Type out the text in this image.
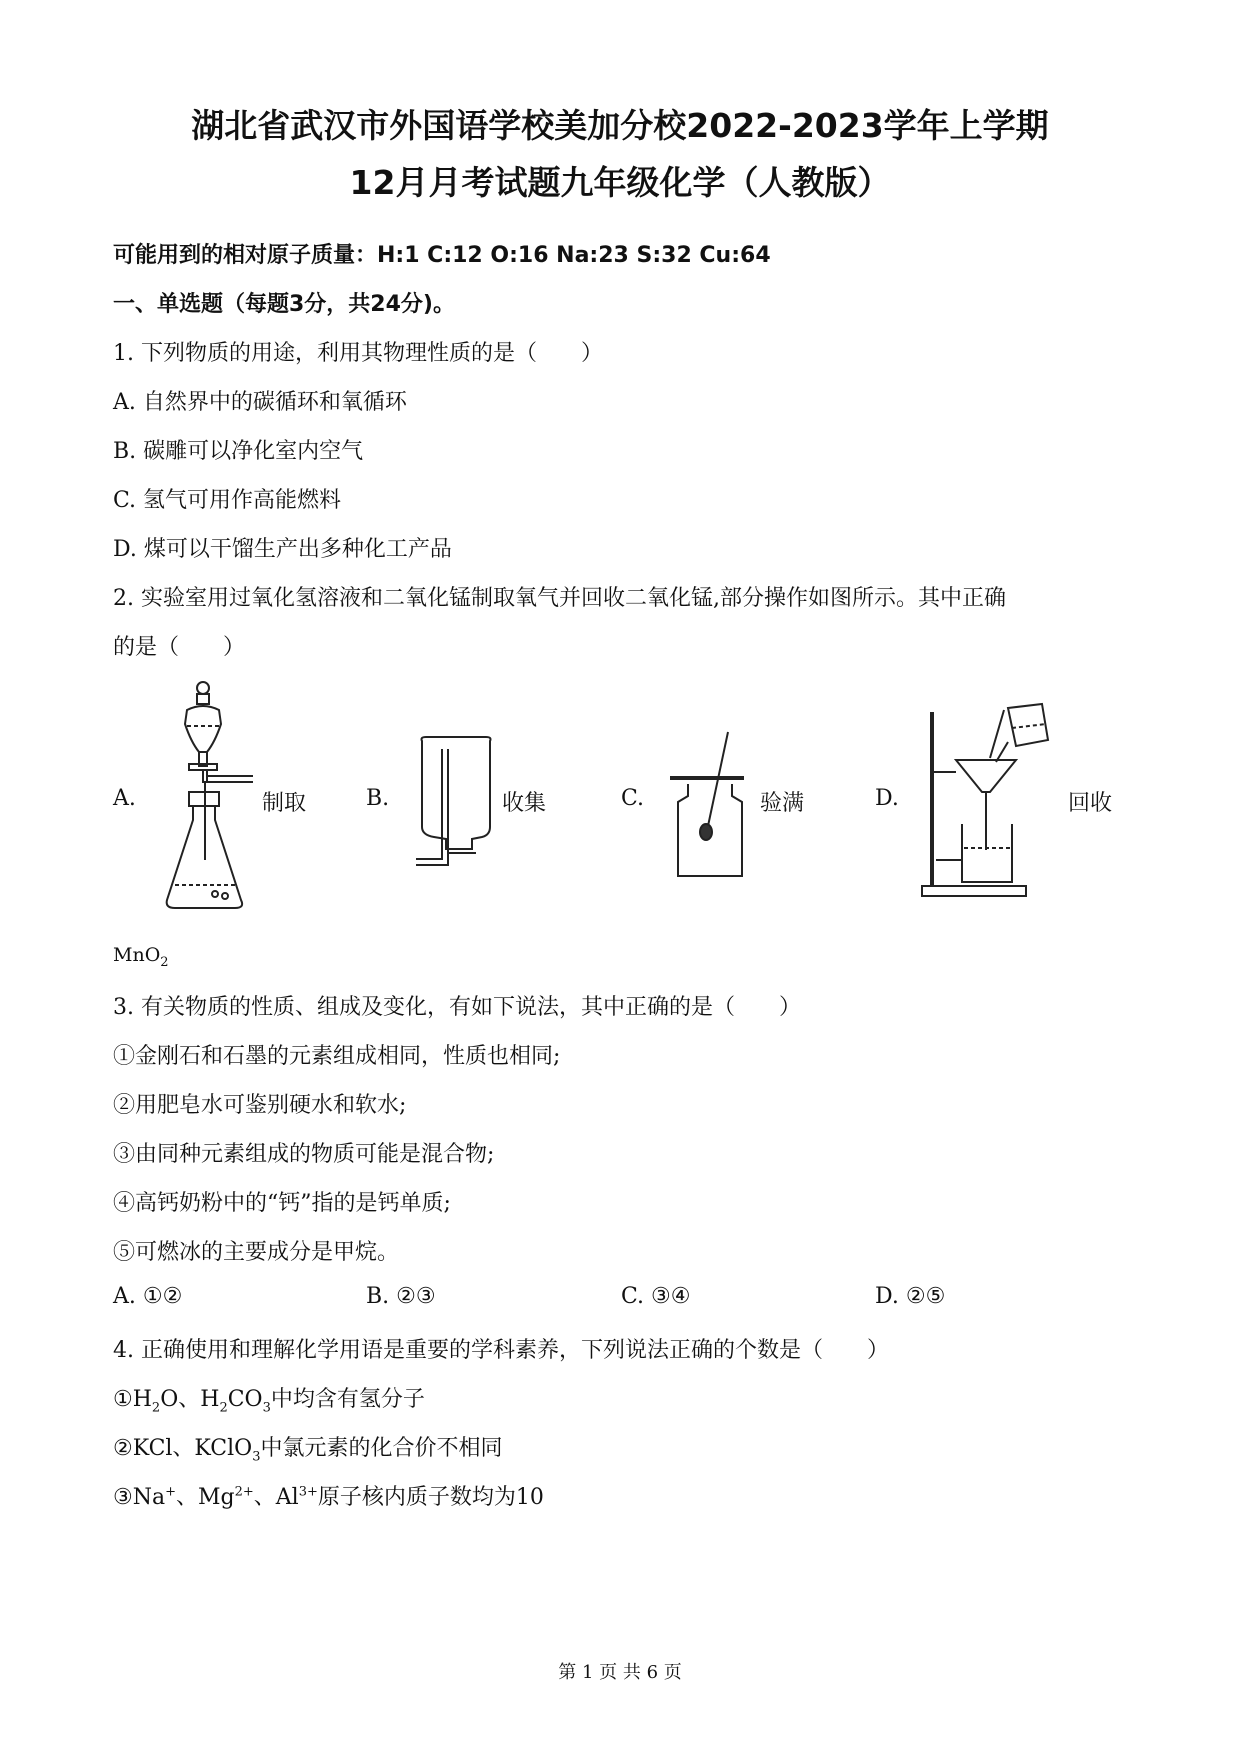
湖北省武汉市外国语学校美加分校2022-2023学年上学期
12月月考试题九年级化学（人教版）
可能用到的相对原子质量：H:1 C:12 O:16 Na:23 S:32 Cu:64
一、单选题（每题3分，共24分)。
1. 下列物质的用途，利用其物理性质的是（　　）
A. 自然界中的碳循环和氧循环
B. 碳雕可以净化室内空气
C. 氢气可用作高能燃料
D. 煤可以干馏生产出多种化工产品
2. 实验室用过氧化氢溶液和二氧化锰制取氧气并回收二氧化锰,部分操作如图所示。其中正确
的是（　　）
A.	制取	B.	收集	C.	验满	D.	回收
MnO$_2$
3. 有关物质的性质、组成及变化，有如下说法，其中正确的是（　　）
①金刚石和石墨的元素组成相同，性质也相同;
②用肥皂水可鉴别硬水和软水;
③由同种元素组成的物质可能是混合物;
④高钙奶粉中的“钙”指的是钙单质;
⑤可燃冰的主要成分是甲烷。
A. ①②	B. ②③	C. ③④	D. ②⑤
4. 正确使用和理解化学用语是重要的学科素养，下列说法正确的个数是（　　）
$①H_2O$、$H_2CO_3$中均含有氢分子
②KCl、KClO$_3$中氯元素的化合价不相同
③Na+、$Mg^{2+}$、$Al^{3+}$原子核内质子数均为10
第 1 页 共 6 页
